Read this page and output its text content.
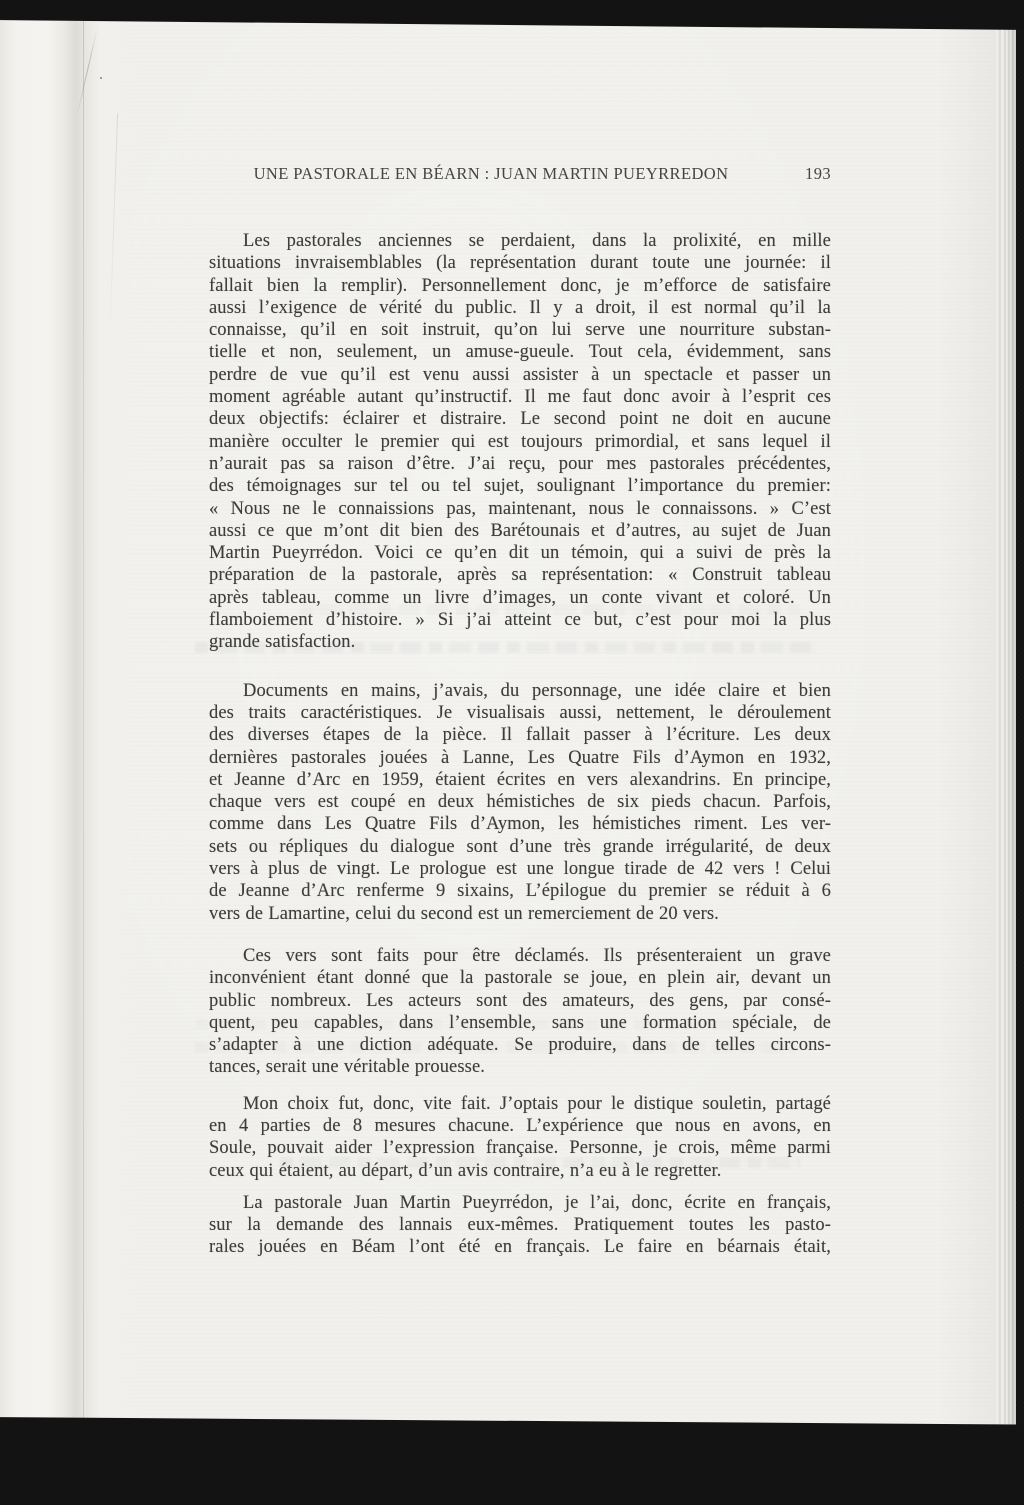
UNE PASTORALE EN BÉARN : JUAN MARTIN PUEYRREDON	193

Les pastorales anciennes se perdaient, dans la prolixité, en mille
situations invraisemblables (la représentation durant toute une journée: il
fallait bien la remplir). Personnellement donc, je m’efforce de satisfaire
aussi l’exigence de vérité du public. Il y a droit, il est normal qu’il la
connaisse, qu’il en soit instruit, qu’on lui serve une nourriture substan-
tielle et non, seulement, un amuse-gueule. Tout cela, évidemment, sans
perdre de vue qu’il est venu aussi assister à un spectacle et passer un
moment agréable autant qu’instructif. Il me faut donc avoir à l’esprit ces
deux objectifs: éclairer et distraire. Le second point ne doit en aucune
manière occulter le premier qui est toujours primordial, et sans lequel il
n’aurait pas sa raison d’être. J’ai reçu, pour mes pastorales précédentes,
des témoignages sur tel ou tel sujet, soulignant l’importance du premier:
« Nous ne le connaissions pas, maintenant, nous le connaissons. » C’est
aussi ce que m’ont dit bien des Barétounais et d’autres, au sujet de Juan
Martin Pueyrrédon. Voici ce qu’en dit un témoin, qui a suivi de près la
préparation de la pastorale, après sa représentation: « Construit tableau
après tableau, comme un livre d’images, un conte vivant et coloré. Un
flamboiement d’histoire. » Si j’ai atteint ce but, c’est pour moi la plus
grande satisfaction.

Documents en mains, j’avais, du personnage, une idée claire et bien
des traits caractéristiques. Je visualisais aussi, nettement, le déroulement
des diverses étapes de la pièce. Il fallait passer à l’écriture. Les deux
dernières pastorales jouées à Lanne, Les Quatre Fils d’Aymon en 1932,
et Jeanne d’Arc en 1959, étaient écrites en vers alexandrins. En principe,
chaque vers est coupé en deux hémistiches de six pieds chacun. Parfois,
comme dans Les Quatre Fils d’Aymon, les hémistiches riment. Les ver-
sets ou répliques du dialogue sont d’une très grande irrégularité, de deux
vers à plus de vingt. Le prologue est une longue tirade de 42 vers ! Celui
de Jeanne d’Arc renferme 9 sixains, L’épilogue du premier se réduit à 6
vers de Lamartine, celui du second est un remerciement de 20 vers.

Ces vers sont faits pour être déclamés. Ils présenteraient un grave
inconvénient étant donné que la pastorale se joue, en plein air, devant un
public nombreux. Les acteurs sont des amateurs, des gens, par consé-
quent, peu capables, dans l’ensemble, sans une formation spéciale, de
s’adapter à une diction adéquate. Se produire, dans de telles circons-
tances, serait une véritable prouesse.

Mon choix fut, donc, vite fait. J’optais pour le distique souletin, partagé
en 4 parties de 8 mesures chacune. L’expérience que nous en avons, en
Soule, pouvait aider l’expression française. Personne, je crois, même parmi
ceux qui étaient, au départ, d’un avis contraire, n’a eu à le regretter.

La pastorale Juan Martin Pueyrrédon, je l’ai, donc, écrite en français,
sur la demande des lannais eux-mêmes. Pratiquement toutes les pasto-
rales jouées en Béam l’ont été en français. Le faire en béarnais était,
